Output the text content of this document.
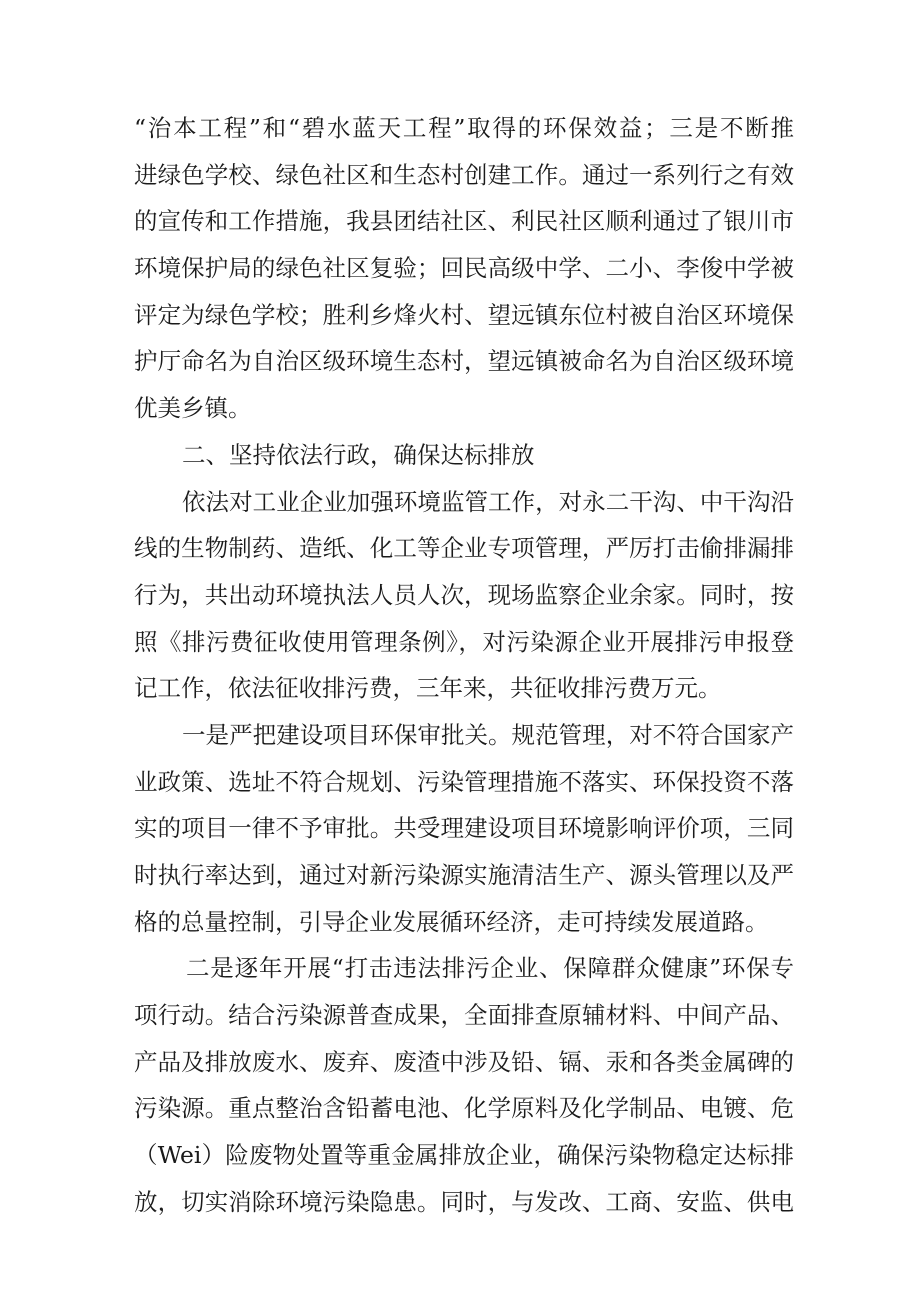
“治本工程”和“碧水蓝天工程”取得的环保效益；三是不断推
进绿色学校、绿色社区和生态村创建工作。通过一系列行之有效
的宣传和工作措施，我县团结社区、利民社区顺利通过了银川市
环境保护局的绿色社区复验；回民高级中学、二小、李俊中学被
评定为绿色学校；胜利乡烽火村、望远镇东位村被自治区环境保
护厅命名为自治区级环境生态村，望远镇被命名为自治区级环境
优美乡镇。
二、坚持依法行政，确保达标排放
依法对工业企业加强环境监管工作，对永二干沟、中干沟沿
线的生物制药、造纸、化工等企业专项管理，严厉打击偷排漏排
行为，共出动环境执法人员人次，现场监察企业余家。同时，按
照《排污费征收使用管理条例》，对污染源企业开展排污申报登
记工作，依法征收排污费，三年来，共征收排污费万元。
一是严把建设项目环保审批关。规范管理，对不符合国家产
业政策、选址不符合规划、污染管理措施不落实、环保投资不落
实的项目一律不予审批。共受理建设项目环境影响评价项，三同
时执行率达到，通过对新污染源实施清洁生产、源头管理以及严
格的总量控制，引导企业发展循环经济，走可持续发展道路。
二是逐年开展“打击违法排污企业、保障群众健康”环保专
项行动。结合污染源普查成果，全面排查原辅材料、中间产品、
产品及排放废水、废弃、废渣中涉及铅、镉、汞和各类金属碑的
污染源。重点整治含铅蓄电池、化学原料及化学制品、电镀、危
（Wei）险废物处置等重金属排放企业，确保污染物稳定达标排
放，切实消除环境污染隐患。同时，与发改、工商、安监、供电
